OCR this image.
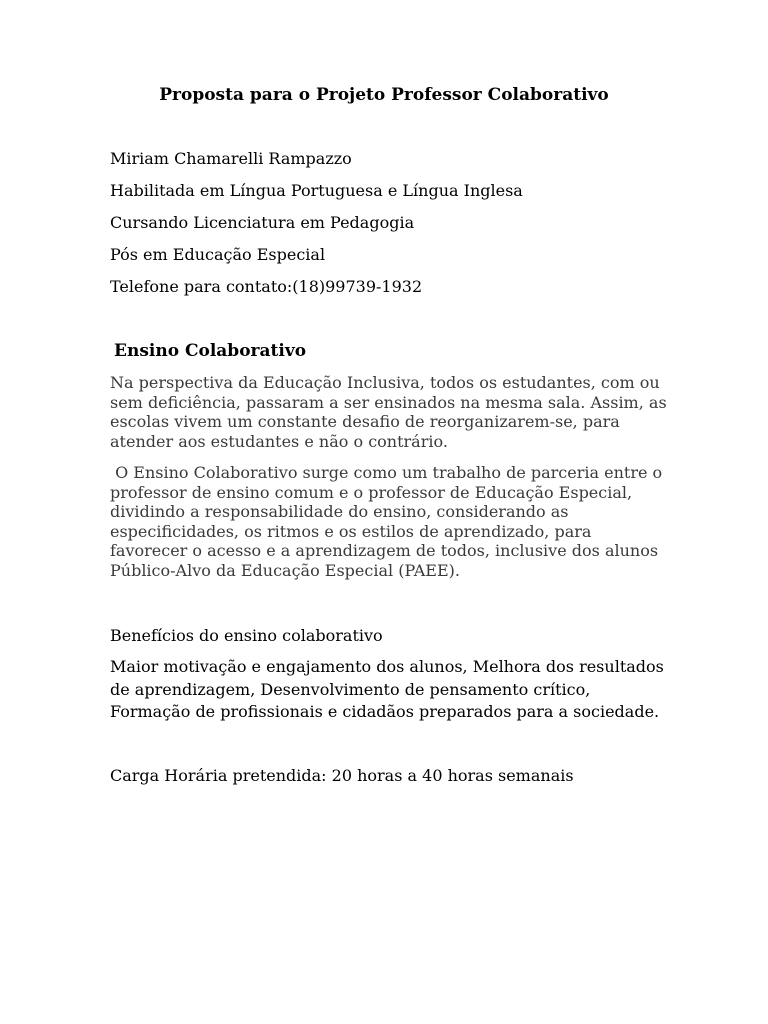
Proposta para o Projeto Professor Colaborativo
Miriam Chamarelli Rampazzo
Habilitada em Língua Portuguesa e Língua Inglesa
Cursando Licenciatura em Pedagogia
Pós em Educação Especial
Telefone para contato:(18)99739-1932
Ensino Colaborativo

Na perspectiva da Educação Inclusiva, todos os estudantes, com ou sem deficiência, passaram a ser ensinados na mesma sala. Assim, as escolas vivem um constante desafio de reorganizarem-se, para atender aos estudantes e não o contrário.

O Ensino Colaborativo surge como um trabalho de parceria entre o professor de ensino comum e o professor de Educação Especial, dividindo a responsabilidade do ensino, considerando as especificidades, os ritmos e os estilos de aprendizado, para favorecer o acesso e a aprendizagem de todos, inclusive dos alunos Público-Alvo da Educação Especial (PAEE).

Benefícios do ensino colaborativo

Maior motivação e engajamento dos alunos, Melhora dos resultados de aprendizagem, Desenvolvimento de pensamento crítico, Formação de profissionais e cidadãos preparados para a sociedade.

Carga Horária pretendida: 20 horas a 40 horas semanais
